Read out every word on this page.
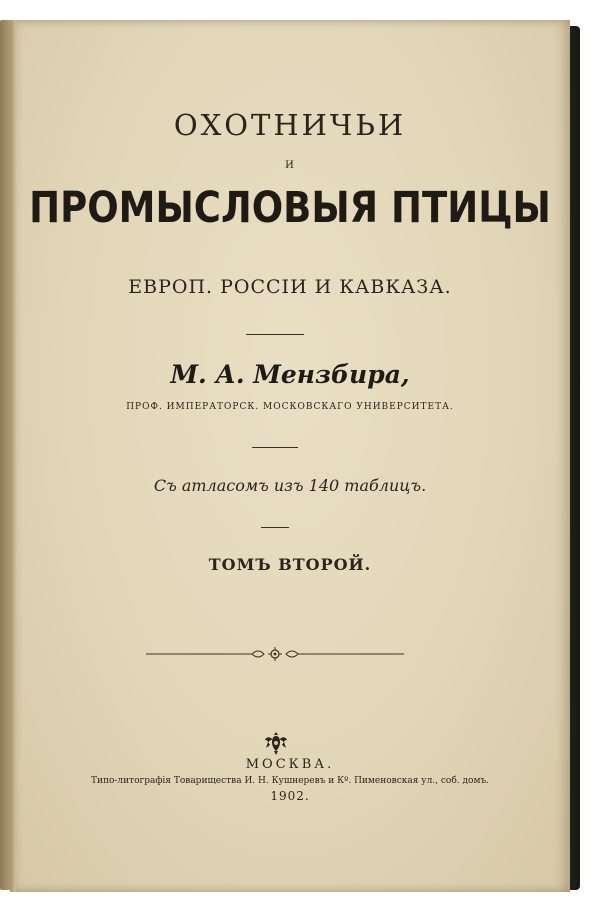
ОХОТНИЧЬИ
И
ПРОМЫСЛОВЫЯ ПТИЦЫ
ЕВРОП. РОССIИ И КАВКАЗА.
М. А. Мензбира,
ПРОФ. ИМПЕРАТОРСК. МОСКОВСКАГО УНИВЕРСИТЕТА.
Съ атласомъ изъ 140 таблицъ.
ТОМЪ ВТОРОЙ.
МОСКВА.
Типо-литографiя Товарищества И. Н. Кушнеревъ и Кº. Пименовская ул., соб. домъ.
1902.
